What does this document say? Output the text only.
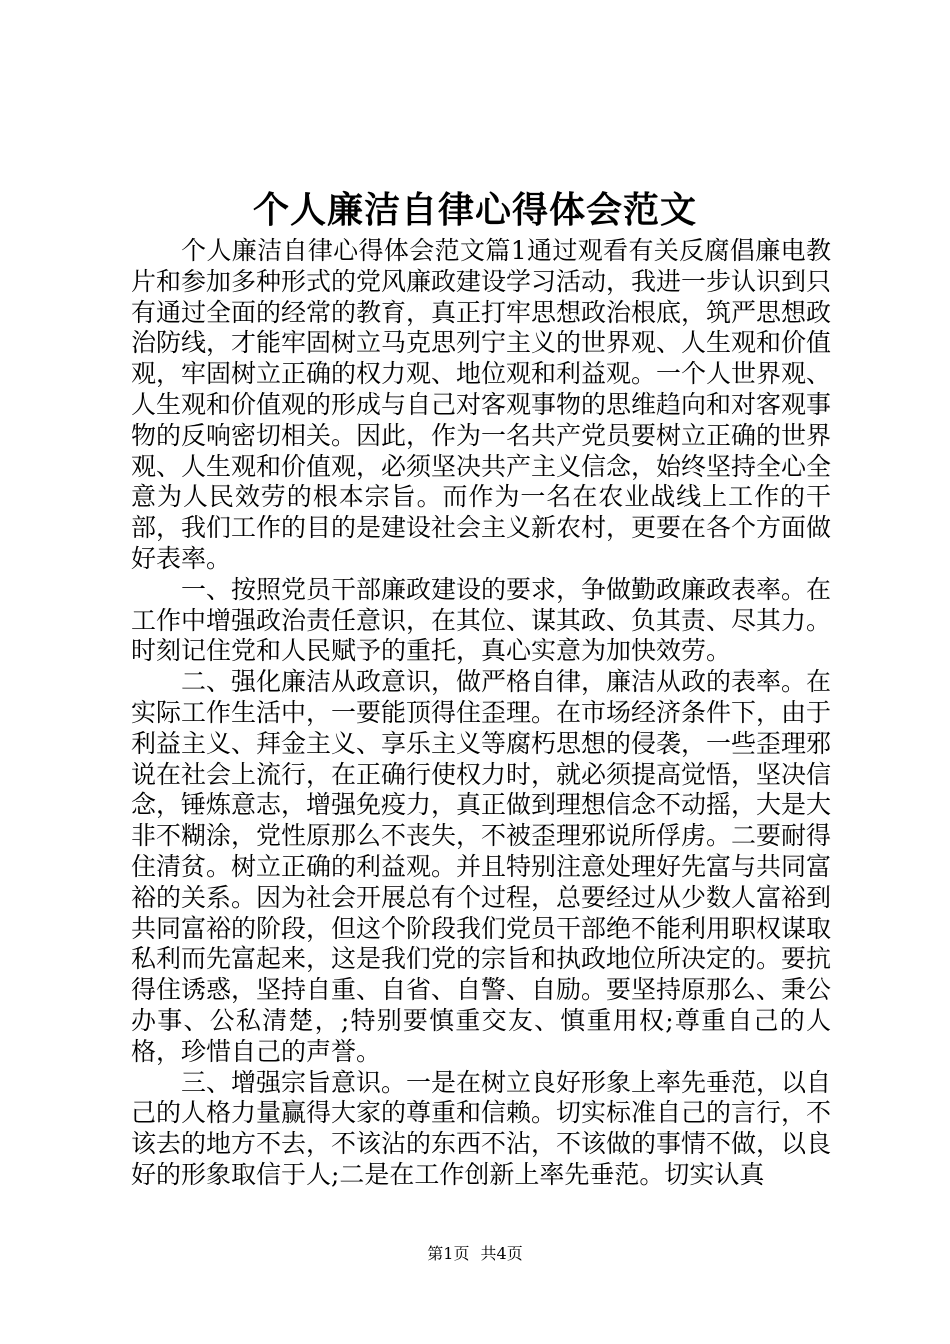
个人廉洁自律心得体会范文

个人廉洁自律心得体会范文篇1通过观看有关反腐倡廉电教片和参加多种形式的党风廉政建设学习活动，我进一步认识到只有通过全面的经常的教育，真正打牢思想政治根底，筑严思想政治防线，才能牢固树立马克思列宁主义的世界观、人生观和价值观，牢固树立正确的权力观、地位观和利益观。一个人世界观、人生观和价值观的形成与自己对客观事物的思维趋向和对客观事物的反响密切相关。因此，作为一名共产党员要树立正确的世界观、人生观和价值观，必须坚决共产主义信念，始终坚持全心全意为人民效劳的根本宗旨。而作为一名在农业战线上工作的干部，我们工作的目的是建设社会主义新农村，更要在各个方面做好表率。

一、按照党员干部廉政建设的要求，争做勤政廉政表率。在工作中增强政治责任意识，在其位、谋其政、负其责、尽其力。时刻记住党和人民赋予的重托，真心实意为加快效劳。

二、强化廉洁从政意识，做严格自律，廉洁从政的表率。在实际工作生活中，一要能顶得住歪理。在市场经济条件下，由于利益主义、拜金主义、享乐主义等腐朽思想的侵袭，一些歪理邪说在社会上流行，在正确行使权力时，就必须提高觉悟，坚决信念，锤炼意志，增强免疫力，真正做到理想信念不动摇，大是大非不糊涂，党性原那么不丧失，不被歪理邪说所俘虏。二要耐得住清贫。树立正确的利益观。并且特别注意处理好先富与共同富裕的关系。因为社会开展总有个过程，总要经过从少数人富裕到共同富裕的阶段，但这个阶段我们党员干部绝不能利用职权谋取私利而先富起来，这是我们党的宗旨和执政地位所决定的。要抗得住诱惑，坚持自重、自省、自警、自励。要坚持原那么、秉公办事、公私清楚，;特别要慎重交友、慎重用权;尊重自己的人格，珍惜自己的声誉。

三、增强宗旨意识。一是在树立良好形象上率先垂范，以自己的人格力量赢得大家的尊重和信赖。切实标准自己的言行，不该去的地方不去，不该沾的东西不沾，不该做的事情不做，以良好的形象取信于人;二是在工作创新上率先垂范。切实认真

第1页 共4页
